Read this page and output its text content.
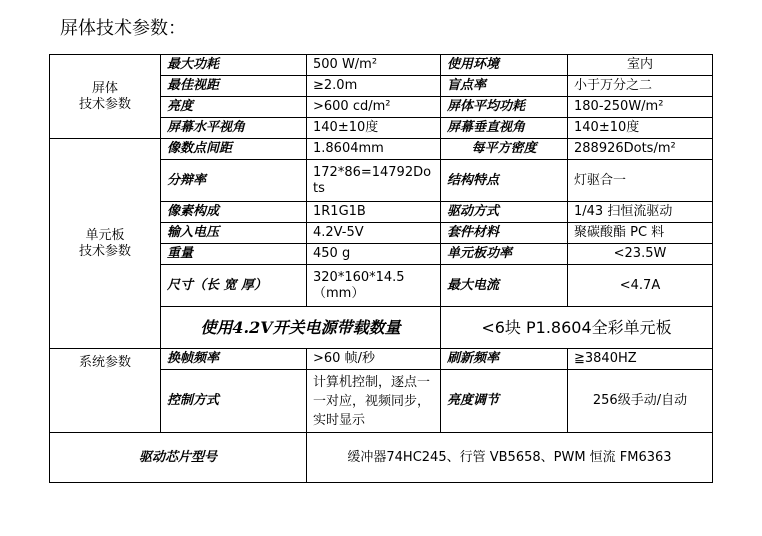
屏体技术参数：
屏体
技术参数	最大功耗	500 W/m²	使用环境	室内
	最佳视距	≥2.0m	盲点率	小于万分之二
	亮度	>600 cd/m²	屏体平均功耗	180-250W/m²
	屏幕水平视角	140±10度	屏幕垂直视角	140±10度

单元板
技术参数	像数点间距	1.8604mm	每平方密度	288926Dots/m²
	分辩率	172*86=14792Dots	结构特点	灯驱合一
	像素构成	1R1G1B	驱动方式	1/43 扫恒流驱动
	输入电压	4.2V-5V	套件材料	聚碳酸酯 PC 料
	重量	450 g	单元板功率	<23.5W
	尺寸（长 宽 厚）	320*160*14.5（mm）	最大电流	<4.7A
	使用4.2V开关电源带载数量		<6块 P1.8604全彩单元板	
系统参数	换帧频率	>60 帧/秒	刷新频率	≧3840HZ
	控制方式	计算机控制，逐点一一对应，视频同步，实时显示	亮度调节	256级手动/自动
驱动芯片型号		缓冲器74HC245、行管 VB5658、PWM 恒流 FM6363		
